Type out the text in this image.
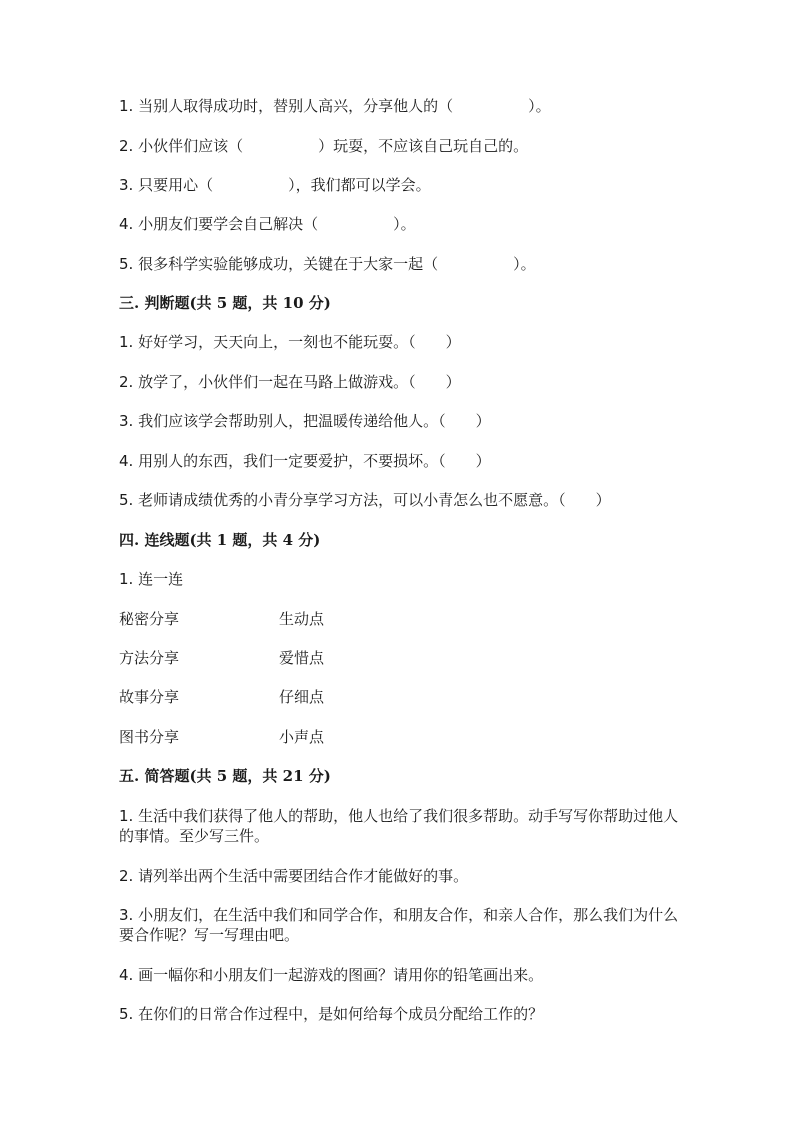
1. 当别人取得成功时，替别人高兴，分享他人的（　　　　　）。
2. 小伙伴们应该（　　　　　）玩耍，不应该自己玩自己的。
3. 只要用心（　　　　　），我们都可以学会。
4. 小朋友们要学会自己解决（　　　　　）。
5. 很多科学实验能够成功，关键在于大家一起（　　　　　）。
三. 判断题(共 5 题，共 10 分)
1. 好好学习，天天向上，一刻也不能玩耍。（　　）
2. 放学了，小伙伴们一起在马路上做游戏。（　　）
3. 我们应该学会帮助别人，把温暖传递给他人。（　　）
4. 用别人的东西，我们一定要爱护，不要损坏。（　　）
5. 老师请成绩优秀的小青分享学习方法，可以小青怎么也不愿意。（　　）
四. 连线题(共 1 题，共 4 分)
1. 连一连
秘密分享	生动点
方法分享	爱惜点
故事分享	仔细点
图书分享	小声点
五. 简答题(共 5 题，共 21 分)
1. 生活中我们获得了他人的帮助，他人也给了我们很多帮助。动手写写你帮助过他人的事情。至少写三件。
2. 请列举出两个生活中需要团结合作才能做好的事。
3. 小朋友们，在生活中我们和同学合作，和朋友合作，和亲人合作，那么我们为什么要合作呢？写一写理由吧。
4. 画一幅你和小朋友们一起游戏的图画？请用你的铅笔画出来。
5. 在你们的日常合作过程中，是如何给每个成员分配给工作的？
